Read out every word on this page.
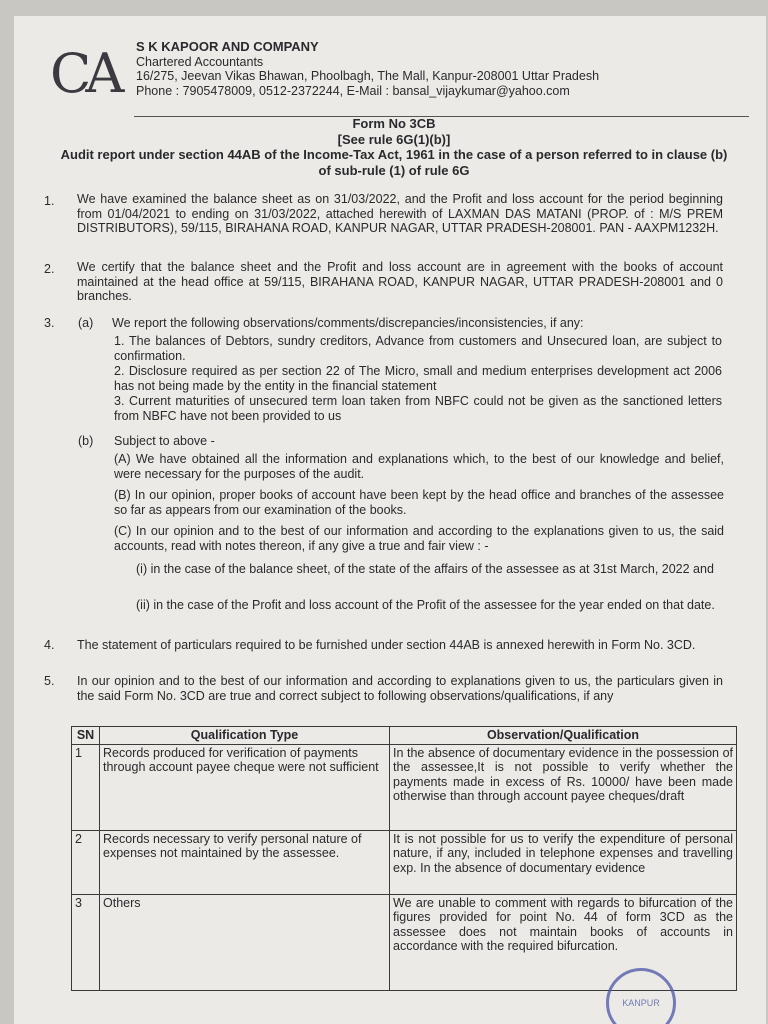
CA	S K KAPOOR AND COMPANY
Chartered Accountants
16/275, Jeevan Vikas Bhawan, Phoolbagh, The Mall, Kanpur-208001 Uttar Pradesh
Phone : 7905478009, 0512-2372244, E-Mail : bansal_vijaykumar@yahoo.com
Form No 3CB
[See rule 6G(1)(b)]
Audit report under section 44AB of the Income-Tax Act, 1961 in the case of a person referred to in clause (b) of sub-rule (1) of rule 6G
1. We have examined the balance sheet as on 31/03/2022, and the Profit and loss account for the period beginning from 01/04/2021 to ending on 31/03/2022, attached herewith of LAXMAN DAS MATANI (PROP. of : M/S PREM DISTRIBUTORS), 59/115, BIRAHANA ROAD, KANPUR NAGAR, UTTAR PRADESH-208001. PAN - AAXPM1232H.
2. We certify that the balance sheet and the Profit and loss account are in agreement with the books of account maintained at the head office at 59/115, BIRAHANA ROAD, KANPUR NAGAR, UTTAR PRADESH-208001 and 0 branches.
3. (a) We report the following observations/comments/discrepancies/inconsistencies, if any:
1. The balances of Debtors, sundry creditors, Advance from customers and Unsecured loan, are subject to confirmation.
2. Disclosure required as per section 22 of The Micro, small and medium enterprises development act 2006 has not being made by the entity in the financial statement
3. Current maturities of unsecured term loan taken from NBFC could not be given as the sanctioned letters from NBFC have not been provided to us
(b) Subject to above -
(A) We have obtained all the information and explanations which, to the best of our knowledge and belief, were necessary for the purposes of the audit.
(B) In our opinion, proper books of account have been kept by the head office and branches of the assessee so far as appears from our examination of the books.
(C) In our opinion and to the best of our information and according to the explanations given to us, the said accounts, read with notes thereon, if any give a true and fair view : -
(i) in the case of the balance sheet, of the state of the affairs of the assessee as at 31st March, 2022 and
(ii) in the case of the Profit and loss account of the Profit of the assessee for the year ended on that date.
4. The statement of particulars required to be furnished under section 44AB is annexed herewith in Form No. 3CD.
5. In our opinion and to the best of our information and according to explanations given to us, the particulars given in the said Form No. 3CD are true and correct subject to following observations/qualifications, if any
SN	Qualification Type	Observation/Qualification
1	Records produced for verification of payments through account payee cheque were not sufficient	In the absence of documentary evidence in the possession of the assessee,It is not possible to verify whether the payments made in excess of Rs. 10000/ have been made otherwise than through account payee cheques/draft
2	Records necessary to verify personal nature of expenses not maintained by the assessee.	It is not possible for us to verify the expenditure of personal nature, if any, included in telephone expenses and travelling exp. In the absence of documentary evidence
3	Others	We are unable to comment with regards to bifurcation of the figures provided for point No. 44 of form 3CD as the assessee does not maintain books of accounts in accordance with the required bifurcation.
KANPUR
